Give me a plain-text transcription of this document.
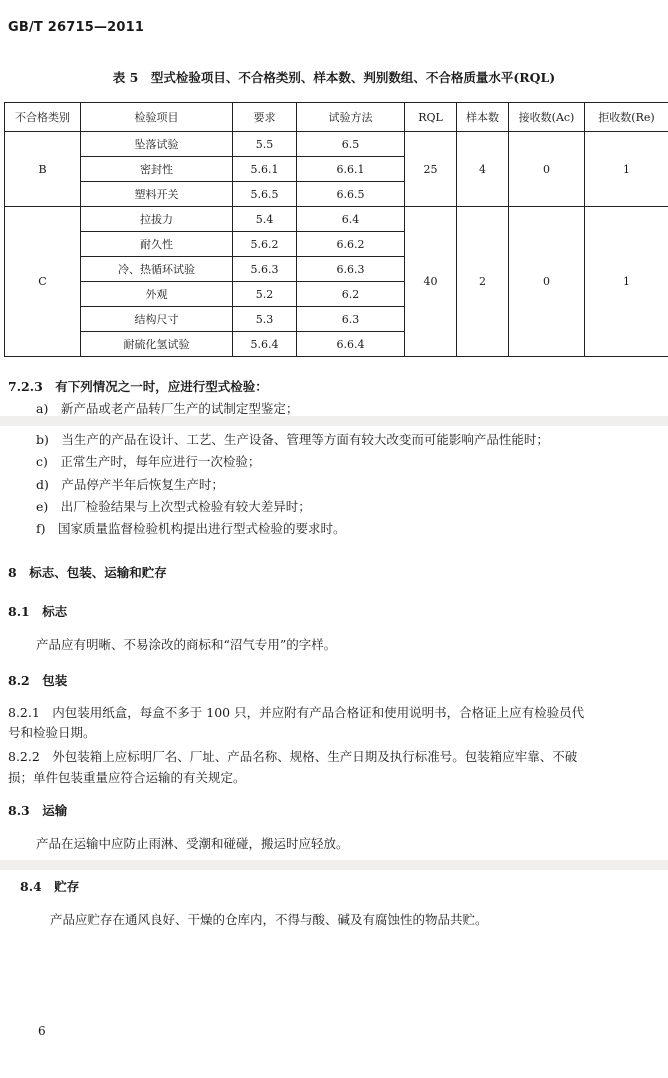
GB/T 26715—2011
表 5　型式检验项目、不合格类别、样本数、判别数组、不合格质量水平(RQL)
不合格类别	检验项目	要求	试验方法	RQL	样本数	接收数(Ac)	拒收数(Re)
B	坠落试验	5.5	6.5	25	4	0	1
	密封性	5.6.1	6.6.1				
	塑料开关	5.6.5	6.6.5				
C	拉拔力	5.4	6.4	40	2	0	1
	耐久性	5.6.2	6.6.2				
	冷、热循环试验	5.6.3	6.6.3				
	外观	5.2	6.2				
	结构尺寸	5.3	6.3				
	耐硫化氢试验	5.6.4	6.6.4				
7.2.3　有下列情况之一时，应进行型式检验：
a)　新产品或老产品转厂生产的试制定型鉴定；
b)　当生产的产品在设计、工艺、生产设备、管理等方面有较大改变而可能影响产品性能时；
c)　正常生产时，每年应进行一次检验；
d)　产品停产半年后恢复生产时；
e)　出厂检验结果与上次型式检验有较大差异时；
f)　国家质量监督检验机构提出进行型式检验的要求时。
8　标志、包装、运输和贮存
8.1　标志
产品应有明晰、不易涂改的商标和“沼气专用”的字样。
8.2　包装
8.2.1　内包装用纸盒，每盒不多于 100 只，并应附有产品合格证和使用说明书，合格证上应有检验员代
号和检验日期。
8.2.2　外包装箱上应标明厂名、厂址、产品名称、规格、生产日期及执行标准号。包装箱应牢靠、不破
损；单件包装重量应符合运输的有关规定。
8.3　运输
产品在运输中应防止雨淋、受潮和碰碰，搬运时应轻放。
8.4　贮存
产品应贮存在通风良好、干燥的仓库内，不得与酸、碱及有腐蚀性的物品共贮。
6
